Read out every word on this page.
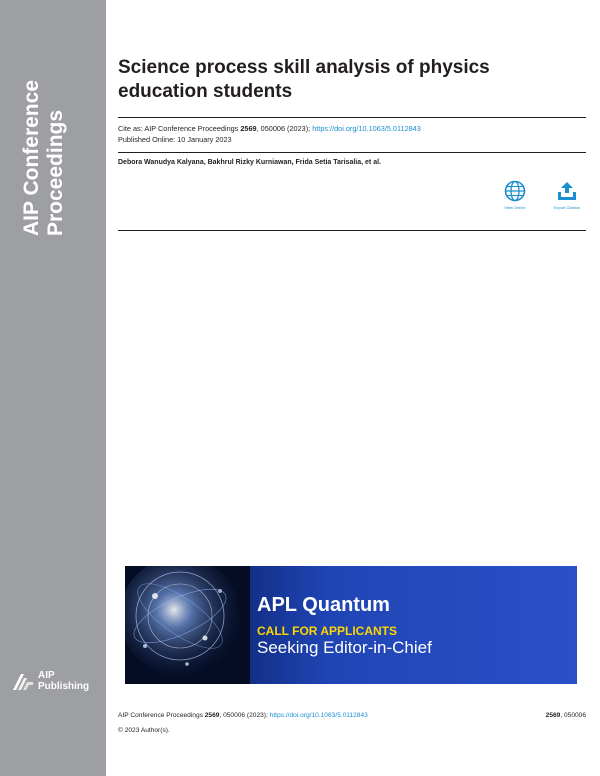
AIP Conference Proceedings
AIP
Publishing
Science process skill analysis of physics education students
Cite as: AIP Conference Proceedings 2569, 050006 (2023); https://doi.org/10.1063/5.0112843
Published Online: 10 January 2023
Debora Wanudya Kalyana, Bakhrul Rizky Kurniawan, Frida Setia Tarisalia, et al.
View Online	Export Citation
APL Quantum
CALL FOR APPLICANTS
Seeking Editor-in-Chief
AIP Conference Proceedings 2569, 050006 (2023); https://doi.org/10.1063/5.0112843	2569, 050006
© 2023 Author(s).
